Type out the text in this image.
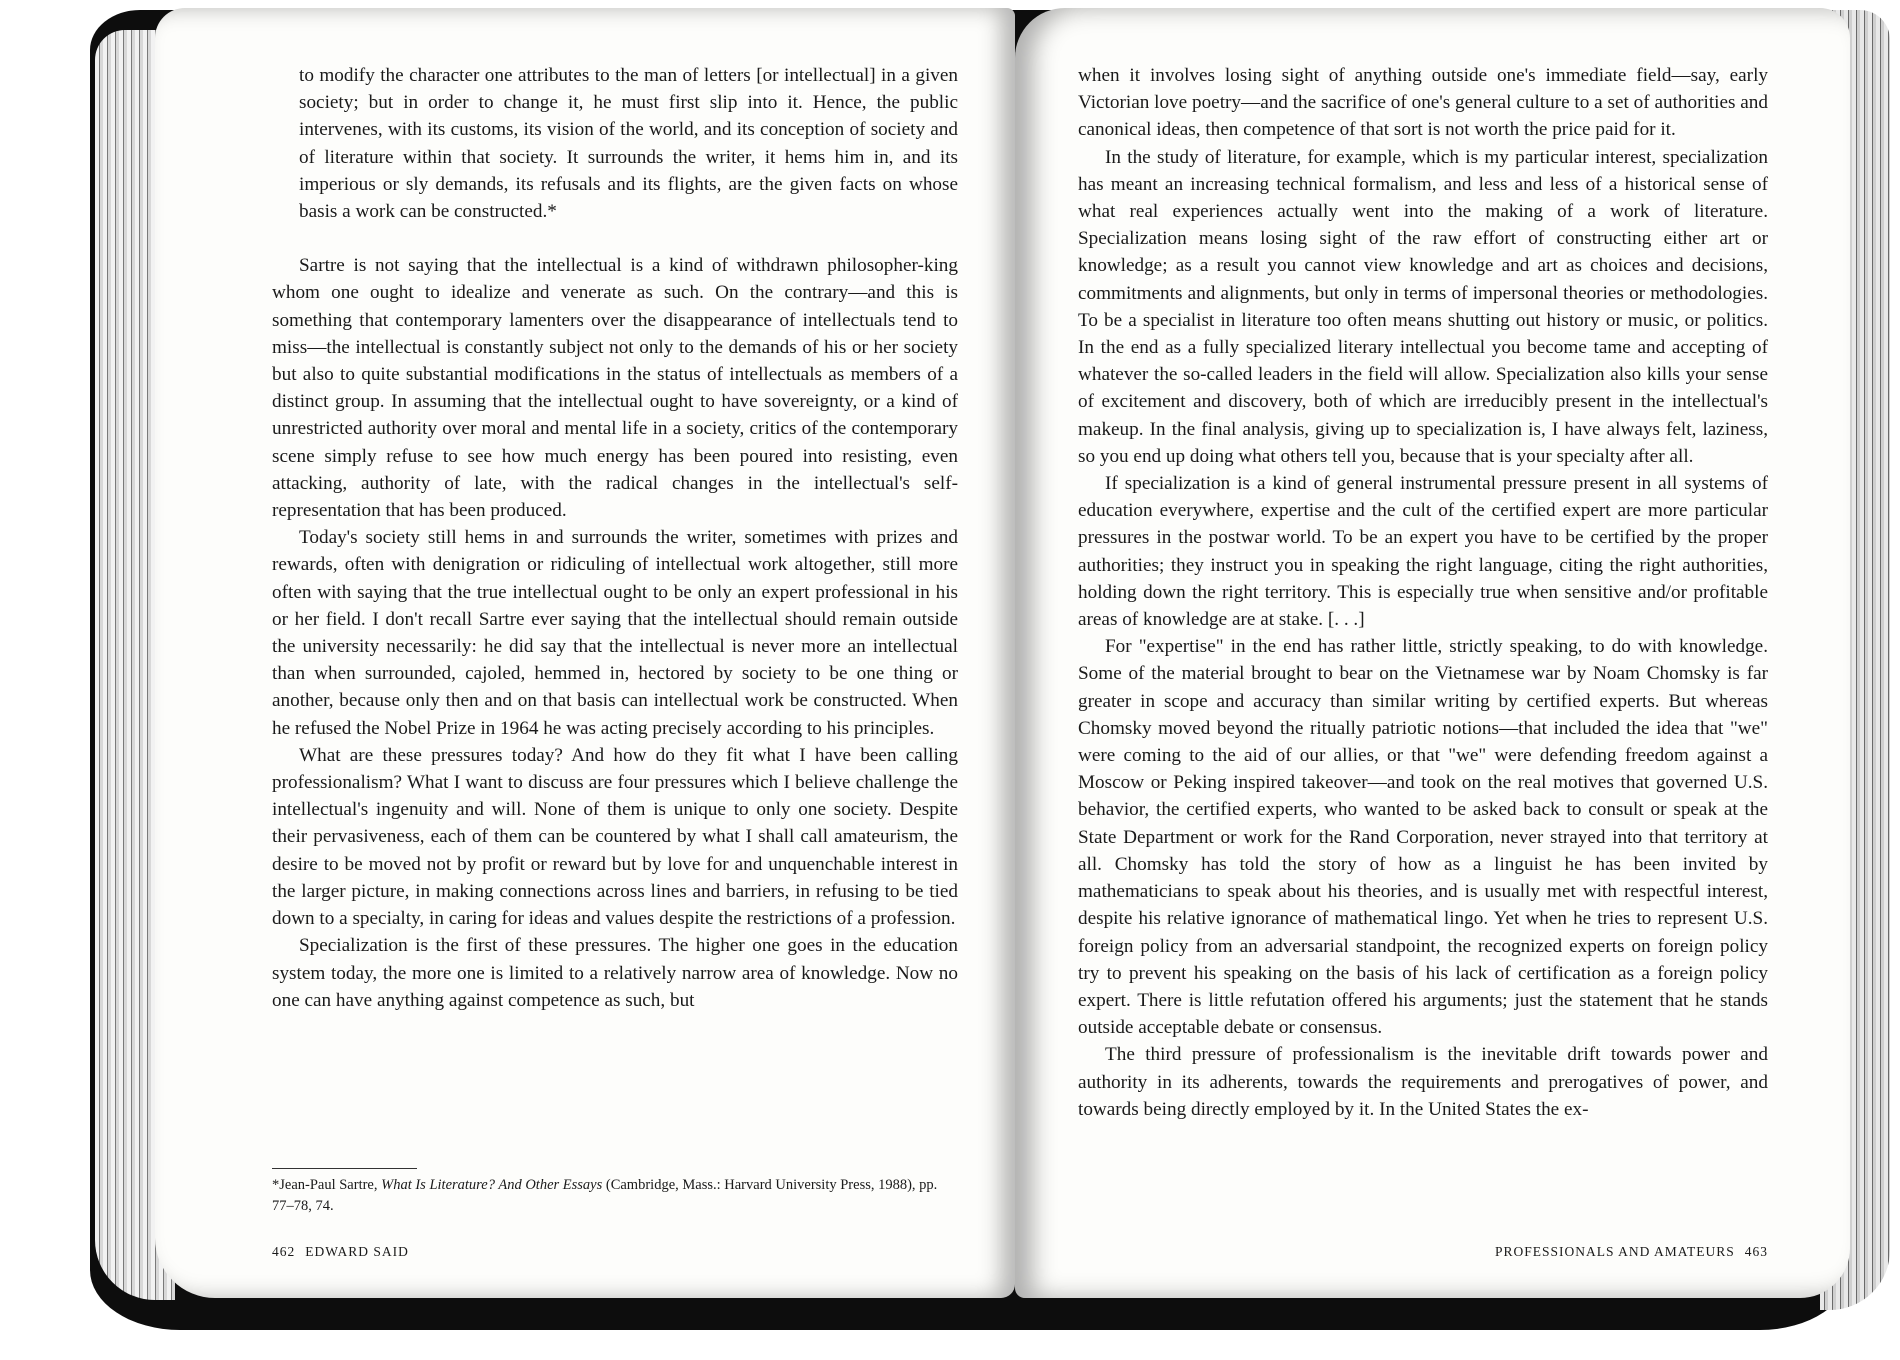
to modify the character one attributes to the man of letters [or intellectual] in a given society; but in order to change it, he must first slip into it. Hence, the public intervenes, with its customs, its vision of the world, and its conception of society and of literature within that society. It surrounds the writer, it hems him in, and its imperious or sly demands, its refusals and its flights, are the given facts on whose basis a work can be constructed.*

Sartre is not saying that the intellectual is a kind of withdrawn philosopher-king whom one ought to idealize and venerate as such. On the contrary—and this is something that contemporary lamenters over the disappearance of intellectuals tend to miss—the intellectual is constantly subject not only to the demands of his or her society but also to quite substantial modifications in the status of intellectuals as members of a distinct group. In assuming that the intellectual ought to have sovereignty, or a kind of unrestricted authority over moral and mental life in a society, critics of the contemporary scene simply refuse to see how much energy has been poured into resisting, even attacking, authority of late, with the radical changes in the intellectual's self-representation that has been produced.

Today's society still hems in and surrounds the writer, sometimes with prizes and rewards, often with denigration or ridiculing of intellectual work altogether, still more often with saying that the true intellectual ought to be only an expert professional in his or her field. I don't recall Sartre ever saying that the intellectual should remain outside the university necessarily: he did say that the intellectual is never more an intellectual than when surrounded, cajoled, hemmed in, hectored by society to be one thing or another, because only then and on that basis can intellectual work be constructed. When he refused the Nobel Prize in 1964 he was acting precisely according to his principles.

What are these pressures today? And how do they fit what I have been calling professionalism? What I want to discuss are four pressures which I believe challenge the intellectual's ingenuity and will. None of them is unique to only one society. Despite their pervasiveness, each of them can be countered by what I shall call amateurism, the desire to be moved not by profit or reward but by love for and unquenchable interest in the larger picture, in making connections across lines and barriers, in refusing to be tied down to a specialty, in caring for ideas and values despite the restrictions of a profession.

Specialization is the first of these pressures. The higher one goes in the education system today, the more one is limited to a relatively narrow area of knowledge. Now no one can have anything against competence as such, but

*Jean-Paul Sartre, What Is Literature? And Other Essays (Cambridge, Mass.: Harvard University Press, 1988), pp. 77–78, 74.
462 EDWARD SAID

when it involves losing sight of anything outside one's immediate field—say, early Victorian love poetry—and the sacrifice of one's general culture to a set of authorities and canonical ideas, then competence of that sort is not worth the price paid for it.

In the study of literature, for example, which is my particular interest, specialization has meant an increasing technical formalism, and less and less of a historical sense of what real experiences actually went into the making of a work of literature. Specialization means losing sight of the raw effort of constructing either art or knowledge; as a result you cannot view knowledge and art as choices and decisions, commitments and alignments, but only in terms of impersonal theories or methodologies. To be a specialist in literature too often means shutting out history or music, or politics. In the end as a fully specialized literary intellectual you become tame and accepting of whatever the so-called leaders in the field will allow. Specialization also kills your sense of excitement and discovery, both of which are irreducibly present in the intellectual's makeup. In the final analysis, giving up to specialization is, I have always felt, laziness, so you end up doing what others tell you, because that is your specialty after all.

If specialization is a kind of general instrumental pressure present in all systems of education everywhere, expertise and the cult of the certified expert are more particular pressures in the postwar world. To be an expert you have to be certified by the proper authorities; they instruct you in speaking the right language, citing the right authorities, holding down the right territory. This is especially true when sensitive and/or profitable areas of knowledge are at stake. [. . .]

For "expertise" in the end has rather little, strictly speaking, to do with knowledge. Some of the material brought to bear on the Vietnamese war by Noam Chomsky is far greater in scope and accuracy than similar writing by certified experts. But whereas Chomsky moved beyond the ritually patriotic notions—that included the idea that "we" were coming to the aid of our allies, or that "we" were defending freedom against a Moscow or Peking inspired takeover—and took on the real motives that governed U.S. behavior, the certified experts, who wanted to be asked back to consult or speak at the State Department or work for the Rand Corporation, never strayed into that territory at all. Chomsky has told the story of how as a linguist he has been invited by mathematicians to speak about his theories, and is usually met with respectful interest, despite his relative ignorance of mathematical lingo. Yet when he tries to represent U.S. foreign policy from an adversarial standpoint, the recognized experts on foreign policy try to prevent his speaking on the basis of his lack of certification as a foreign policy expert. There is little refutation offered his arguments; just the statement that he stands outside acceptable debate or consensus.

The third pressure of professionalism is the inevitable drift towards power and authority in its adherents, towards the requirements and prerogatives of power, and towards being directly employed by it. In the United States the ex-

PROFESSIONALS AND AMATEURS 463
